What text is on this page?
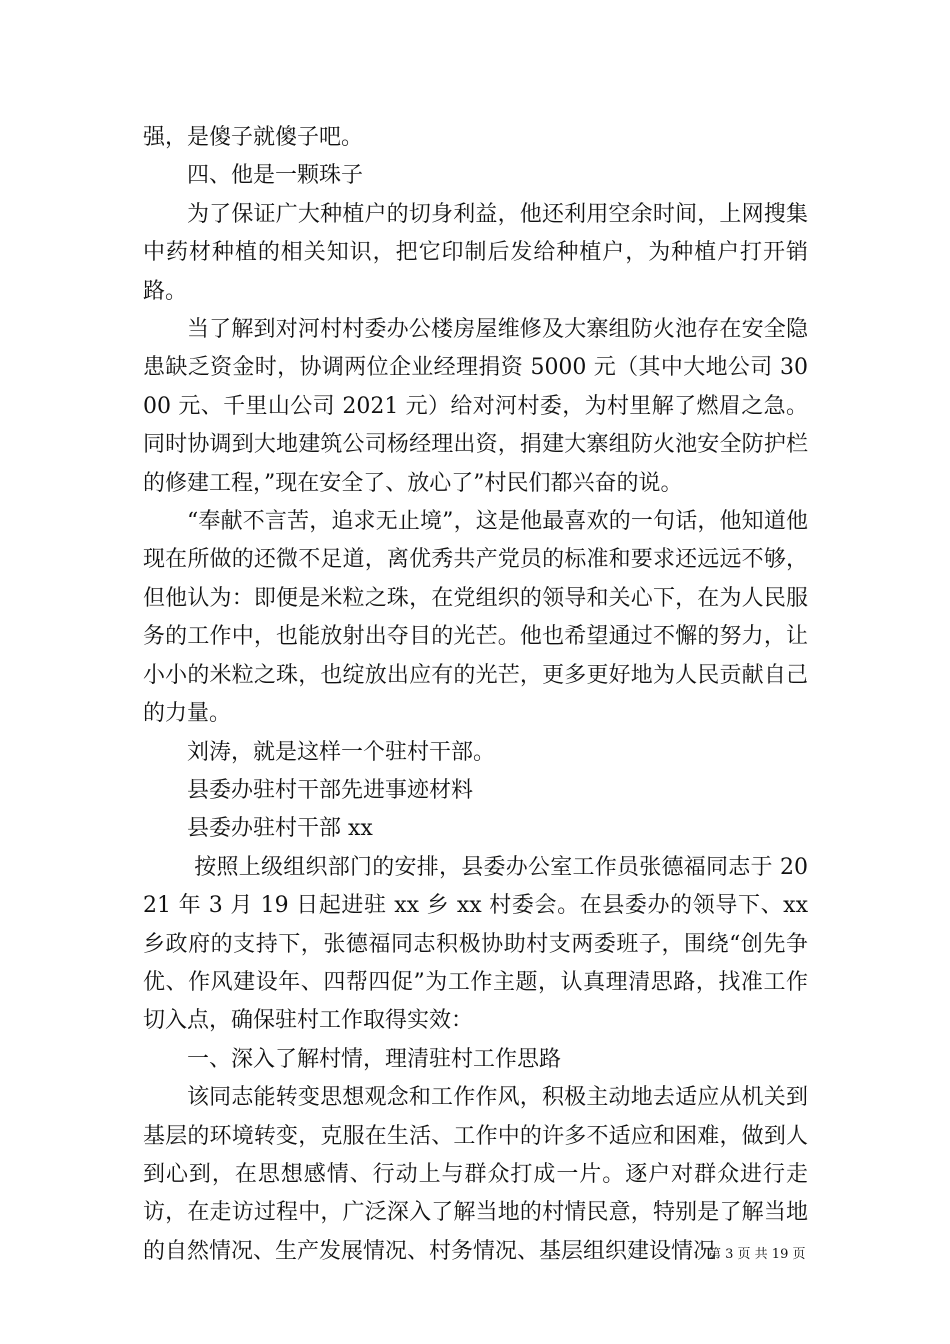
强，是傻子就傻子吧。

四、他是一颗珠子

为了保证广大种植户的切身利益，他还利用空余时间，上网搜集中药材种植的相关知识，把它印制后发给种植户，为种植户打开销路。

当了解到对河村村委办公楼房屋维修及大寨组防火池存在安全隐患缺乏资金时，协调两位企业经理捐资 5000 元（其中大地公司 3000 元、千里山公司 2021 元）给对河村委，为村里解了燃眉之急。同时协调到大地建筑公司杨经理出资，捐建大寨组防火池安全防护栏的修建工程，”现在安全了、放心了”村民们都兴奋的说。

“奉献不言苦，追求无止境”，这是他最喜欢的一句话，他知道他现在所做的还微不足道，离优秀共产党员的标准和要求还远远不够，但他认为：即便是米粒之珠，在党组织的领导和关心下，在为人民服务的工作中，也能放射出夺目的光芒。他也希望通过不懈的努力，让小小的米粒之珠，也绽放出应有的光芒，更多更好地为人民贡献自己的力量。

刘涛，就是这样一个驻村干部。

县委办驻村干部先进事迹材料

县委办驻村干部 xx

按照上级组织部门的安排，县委办公室工作员张德福同志于 2021 年 3 月 19 日起进驻 xx 乡 xx 村委会。在县委办的领导下、xx 乡政府的支持下，张德福同志积极协助村支两委班子，围绕“创先争优、作风建设年、四帮四促”为工作主题，认真理清思路，找准工作切入点，确保驻村工作取得实效：

一、深入了解村情，理清驻村工作思路

该同志能转变思想观念和工作作风，积极主动地去适应从机关到基层的环境转变，克服在生活、工作中的许多不适应和困难，做到人到心到，在思想感情、行动上与群众打成一片。逐户对群众进行走访，在走访过程中，广泛深入了解当地的村情民意，特别是了解当地的自然情况、生产发展情况、村务情况、基层组织建设情况

第 3 页 共 19 页
